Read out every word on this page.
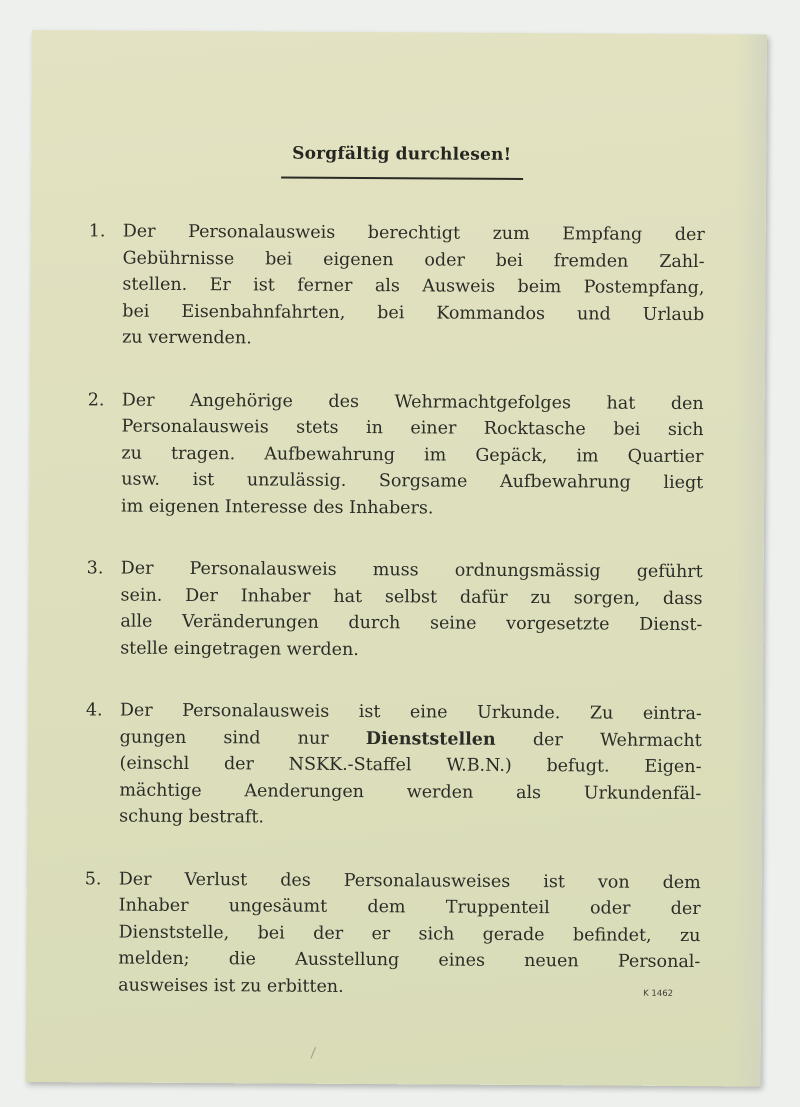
Sorgfältig durchlesen!
1. Der Personalausweis berechtigt zum Empfang der
Gebührnisse bei eigenen oder bei fremden Zahl-
stellen. Er ist ferner als Ausweis beim Postempfang,
bei Eisenbahnfahrten, bei Kommandos und Urlaub
zu verwenden.
2. Der Angehörige des Wehrmachtgefolges hat den
Personalausweis stets in einer Rocktasche bei sich
zu tragen. Aufbewahrung im Gepäck, im Quartier
usw. ist unzulässig. Sorgsame Aufbewahrung liegt
im eigenen Interesse des Inhabers.
3. Der Personalausweis muss ordnungsmässig geführt
sein. Der Inhaber hat selbst dafür zu sorgen, dass
alle Veränderungen durch seine vorgesetzte Dienst-
stelle eingetragen werden.
4. Der Personalausweis ist eine Urkunde. Zu eintra-
gungen sind nur Dienststellen der Wehrmacht
(einschl der NSKK.-Staffel W.B.N.) befugt. Eigen-
mächtige Aenderungen werden als Urkundenfäl-
schung bestraft.
5. Der Verlust des Personalausweises ist von dem
Inhaber ungesäumt dem Truppenteil oder der
Dienststelle, bei der er sich gerade befindet, zu
melden; die Ausstellung eines neuen Personal-
ausweises ist zu erbitten.	K 1462
